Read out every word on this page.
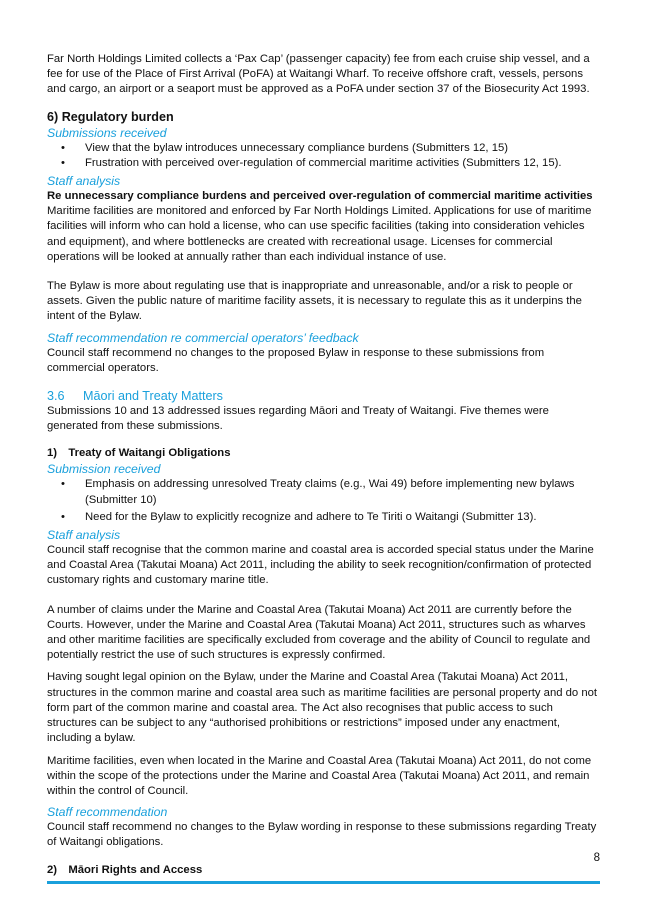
Far North Holdings Limited collects a ‘Pax Cap’ (passenger capacity) fee from each cruise ship vessel, and a fee for use of the Place of First Arrival (PoFA) at Waitangi Wharf. To receive offshore craft, vessels, persons and cargo, an airport or a seaport must be approved as a PoFA under section 37 of the Biosecurity Act 1993.

6) Regulatory burden

Submissions received

• View that the bylaw introduces unnecessary compliance burdens (Submitters 12, 15)
• Frustration with perceived over-regulation of commercial maritime activities (Submitters 12, 15).

Staff analysis

Re unnecessary compliance burdens and perceived over-regulation of commercial maritime activities

Maritime facilities are monitored and enforced by Far North Holdings Limited. Applications for use of maritime facilities will inform who can hold a license, who can use specific facilities (taking into consideration vehicles and equipment), and where bottlenecks are created with recreational usage. Licenses for commercial operations will be looked at annually rather than each individual instance of use.

The Bylaw is more about regulating use that is inappropriate and unreasonable, and/or a risk to people or assets. Given the public nature of maritime facility assets, it is necessary to regulate this as it underpins the intent of the Bylaw.

Staff recommendation re commercial operators’ feedback

Council staff recommend no changes to the proposed Bylaw in response to these submissions from commercial operators.

3.6 Māori and Treaty Matters

Submissions 10 and 13 addressed issues regarding Māori and Treaty of Waitangi. Five themes were generated from these submissions.

1) Treaty of Waitangi Obligations

Submission received

• Emphasis on addressing unresolved Treaty claims (e.g., Wai 49) before implementing new bylaws (Submitter 10)
• Need for the Bylaw to explicitly recognize and adhere to Te Tiriti o Waitangi (Submitter 13).

Staff analysis

Council staff recognise that the common marine and coastal area is accorded special status under the Marine and Coastal Area (Takutai Moana) Act 2011, including the ability to seek recognition/confirmation of protected customary rights and customary marine title.

A number of claims under the Marine and Coastal Area (Takutai Moana) Act 2011 are currently before the Courts. However, under the Marine and Coastal Area (Takutai Moana) Act 2011, structures such as wharves and other maritime facilities are specifically excluded from coverage and the ability of Council to regulate and potentially restrict the use of such structures is expressly confirmed.

Having sought legal opinion on the Bylaw, under the Marine and Coastal Area (Takutai Moana) Act 2011, structures in the common marine and coastal area such as maritime facilities are personal property and do not form part of the common marine and coastal area. The Act also recognises that public access to such structures can be subject to any “authorised prohibitions or restrictions” imposed under any enactment, including a bylaw.

Maritime facilities, even when located in the Marine and Coastal Area (Takutai Moana) Act 2011, do not come within the scope of the protections under the Marine and Coastal Area (Takutai Moana) Act 2011, and remain within the control of Council.

Staff recommendation

Council staff recommend no changes to the Bylaw wording in response to these submissions regarding Treaty of Waitangi obligations.

2) Māori Rights and Access
8
